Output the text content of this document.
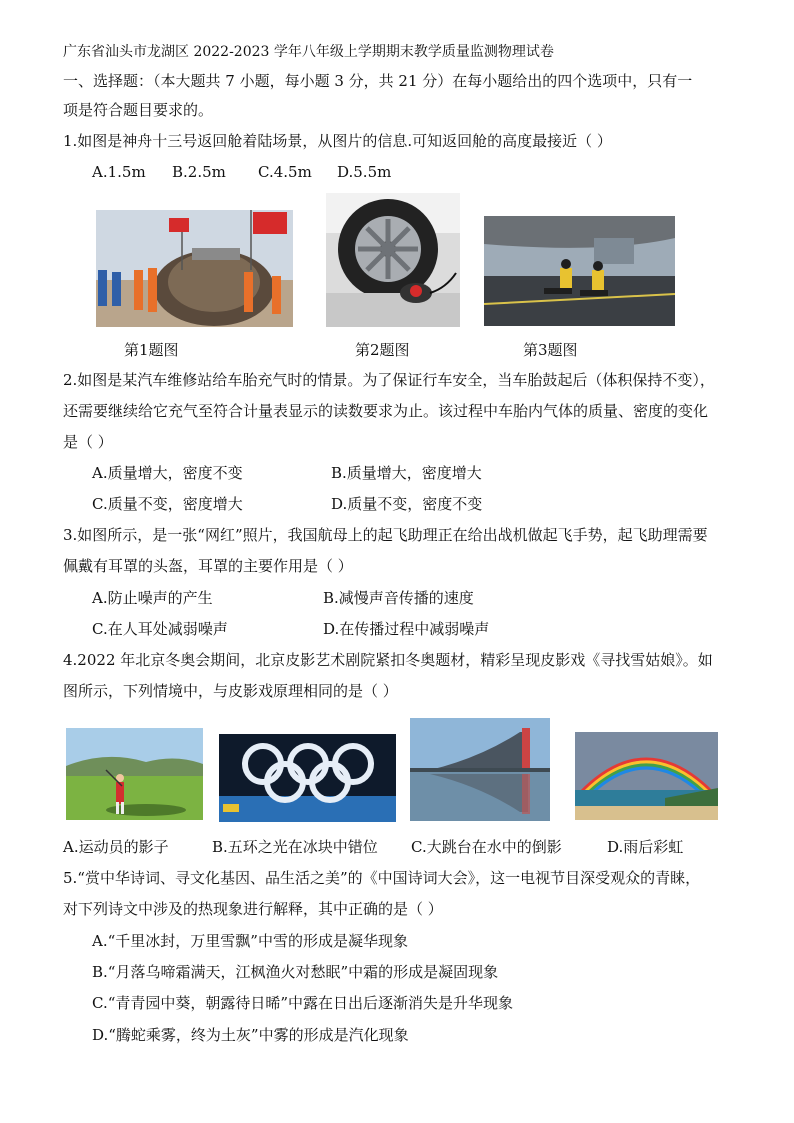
广东省汕头市龙湖区 2022-2023 学年八年级上学期期末教学质量监测物理试卷
一、选择题：（本大题共 7 小题，每小题 3 分，共 21 分）在每小题给出的四个选项中，只有一
项是符合题目要求的。
1.如图是神舟十三号返回舱着陆场景，从图片的信息.可知返回舱的高度最接近（ ）
A.1.5m B.2.5m C.4.5m D.5.5m
第1题图	第2题图	第3题图
2.如图是某汽车维修站给车胎充气时的情景。为了保证行车安全，当车胎鼓起后（体积保持不变），
还需要继续给它充气至符合计量表显示的读数要求为止。该过程中车胎内气体的质量、密度的变化
是（ ）
A.质量增大，密度不变	B.质量增大，密度增大
C.质量不变，密度增大	D.质量不变，密度不变
3.如图所示，是一张“网红”照片，我国航母上的起飞助理正在给出战机做起飞手势，起飞助理需要
佩戴有耳罩的头盔，耳罩的主要作用是（ ）
A.防止噪声的产生	B.减慢声音传播的速度
C.在人耳处减弱噪声	D.在传播过程中减弱噪声
4.2022 年北京冬奥会期间，北京皮影艺术剧院紧扣冬奥题材，精彩呈现皮影戏《寻找雪姑娘》。如
图所示，下列情境中，与皮影戏原理相同的是（ ）
A.运动员的影子	B.五环之光在冰块中错位 C.大跳台在水中的倒影	D.雨后彩虹
5.“赏中华诗词、寻文化基因、品生活之美”的《中国诗词大会》，这一电视节目深受观众的青睐，
对下列诗文中涉及的热现象进行解释，其中正确的是（ ）
A.“千里冰封，万里雪飘”中雪的形成是凝华现象
B.“月落乌啼霜满天，江枫渔火对愁眠”中霜的形成是凝固现象
C.“青青园中葵，朝露待日晞”中露在日出后逐渐消失是升华现象
D.“腾蛇乘雾，终为土灰”中雾的形成是汽化现象
